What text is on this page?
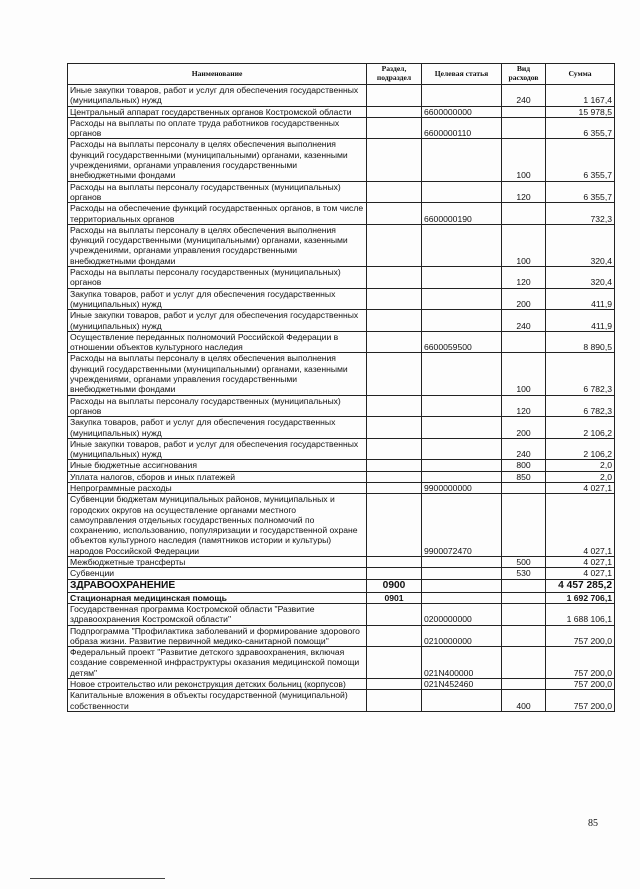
Наименование	Раздел, подраздел	Целевая статья	Вид расходов	Сумма
Иные закупки товаров, работ и услуг для обеспечения государственных (муниципальных) нужд			240	1 167,4
Центральный аппарат государственных органов Костромской области		6600000000		15 978,5
Расходы на выплаты по оплате труда работников государственных органов		6600000110		6 355,7
Расходы на выплаты персоналу в целях обеспечения выполнения функций государственными (муниципальными) органами, казенными учреждениями, органами управления государственными внебюджетными фондами			100	6 355,7
Расходы на выплаты персоналу государственных (муниципальных) органов			120	6 355,7
Расходы на обеспечение функций государственных органов, в том числе территориальных органов		6600000190		732,3
Расходы на выплаты персоналу в целях обеспечения выполнения функций государственными (муниципальными) органами, казенными учреждениями, органами управления государственными внебюджетными фондами			100	320,4
Расходы на выплаты персоналу государственных (муниципальных) органов			120	320,4
Закупка товаров, работ и услуг для обеспечения государственных (муниципальных) нужд			200	411,9
Иные закупки товаров, работ и услуг для обеспечения государственных (муниципальных) нужд			240	411,9
Осуществление переданных полномочий Российской Федерации в отношении объектов культурного наследия		6600059500		8 890,5
Расходы на выплаты персоналу в целях обеспечения выполнения функций государственными (муниципальными) органами, казенными учреждениями, органами управления государственными внебюджетными фондами			100	6 782,3
Расходы на выплаты персоналу государственных (муниципальных) органов			120	6 782,3
Закупка товаров, работ и услуг для обеспечения государственных (муниципальных) нужд			200	2 106,2
Иные закупки товаров, работ и услуг для обеспечения государственных (муниципальных) нужд			240	2 106,2
Иные бюджетные ассигнования			800	2,0
Уплата налогов, сборов и иных платежей			850	2,0
Непрограммные расходы		9900000000		4 027,1
Субвенции бюджетам муниципальных районов, муниципальных и городских округов на осуществление органами местного самоуправления отдельных государственных полномочий по сохранению, использованию, популяризации и государственной охране объектов культурного наследия (памятников истории и культуры) народов Российской Федерации		9900072470		4 027,1
Межбюджетные трансферты			500	4 027,1
Субвенции			530	4 027,1
ЗДРАВООХРАНЕНИЕ	0900			4 457 285,2
Стационарная медицинская помощь	0901			1 692 706,1
Государственная программа Костромской области "Развитие здравоохранения Костромской области"		0200000000		1 688 106,1
Подпрограмма "Профилактика заболеваний и формирование здорового образа жизни. Развитие первичной медико-санитарной помощи"		0210000000		757 200,0
Федеральный проект "Развитие детского здравоохранения, включая создание современной инфраструктуры оказания медицинской помощи детям"		021N400000		757 200,0
Новое строительство или реконструкция детских больниц (корпусов)		021N452460		757 200,0
Капитальные вложения в объекты государственной (муниципальной) собственности			400	757 200,0
85
